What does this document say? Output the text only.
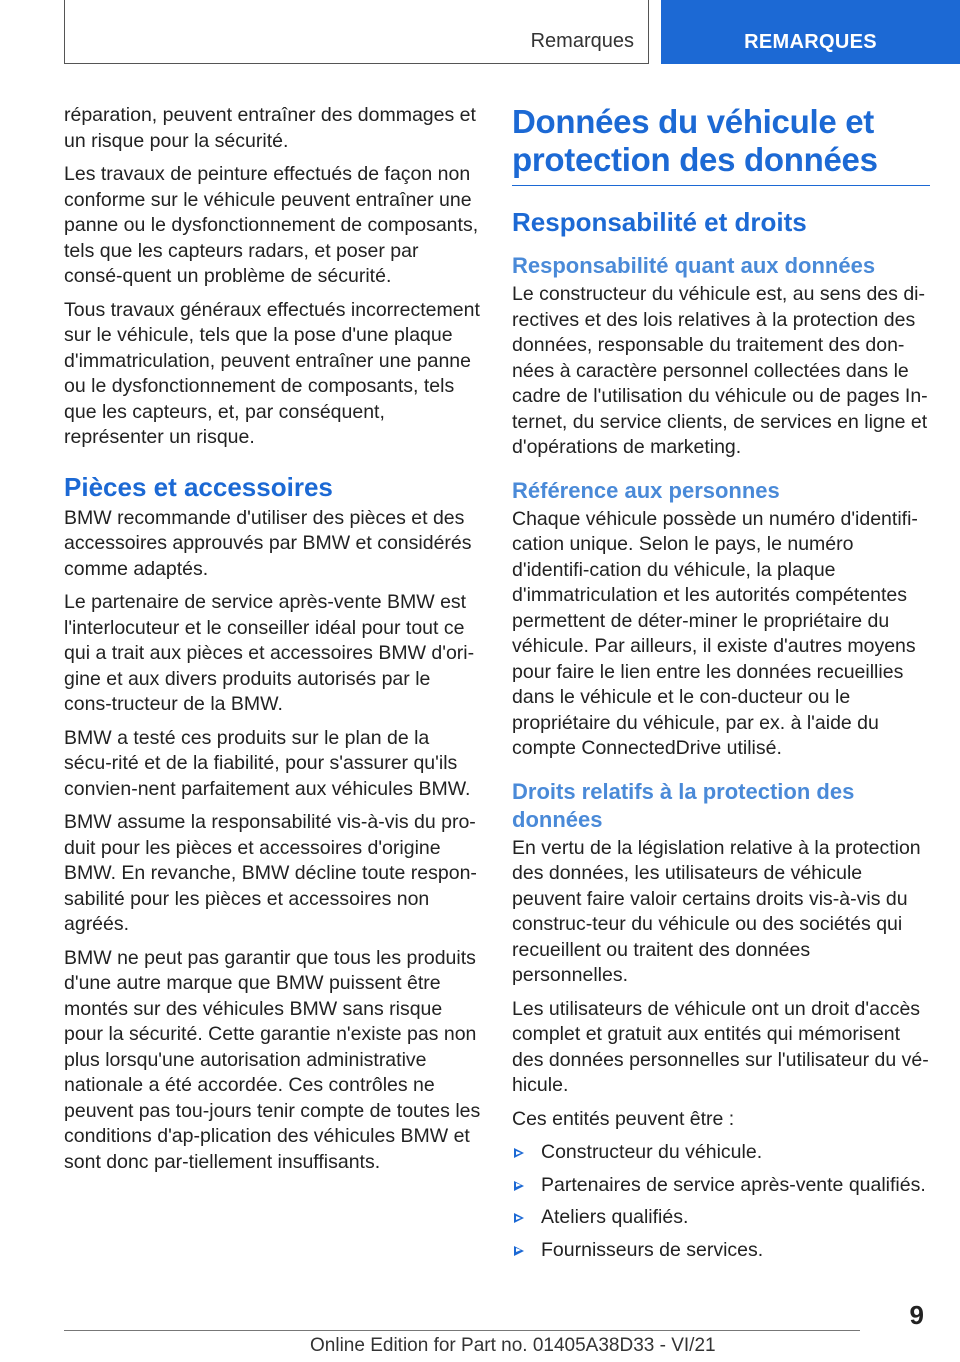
Remarques	REMARQUES

réparation, peuvent entraîner des dommages et un risque pour la sécurité.

Les travaux de peinture effectués de façon non conforme sur le véhicule peuvent entraîner une panne ou le dysfonctionnement de composants, tels que les capteurs radars, et poser par consé-quent un problème de sécurité.

Tous travaux généraux effectués incorrectement sur le véhicule, tels que la pose d'une plaque d'immatriculation, peuvent entraîner une panne ou le dysfonctionnement de composants, tels que les capteurs, et, par conséquent, représenter un risque.

Pièces et accessoires

BMW recommande d'utiliser des pièces et des accessoires approuvés par BMW et considérés comme adaptés.

Le partenaire de service après-vente BMW est l'interlocuteur et le conseiller idéal pour tout ce qui a trait aux pièces et accessoires BMW d'ori-gine et aux divers produits autorisés par le cons-tructeur de la BMW.

BMW a testé ces produits sur le plan de la sécu-rité et de la fiabilité, pour s'assurer qu'ils convien-nent parfaitement aux véhicules BMW.

BMW assume la responsabilité vis-à-vis du pro-duit pour les pièces et accessoires d'origine BMW. En revanche, BMW décline toute respon-sabilité pour les pièces et accessoires non agréés.

BMW ne peut pas garantir que tous les produits d'une autre marque que BMW puissent être montés sur des véhicules BMW sans risque pour la sécurité. Cette garantie n'existe pas non plus lorsqu'une autorisation administrative nationale a été accordée. Ces contrôles ne peuvent pas tou-jours tenir compte de toutes les conditions d'ap-plication des véhicules BMW et sont donc par-tiellement insuffisants.

Données du véhicule et protection des données
Responsabilité et droits
Responsabilité quant aux données

Le constructeur du véhicule est, au sens des di-rectives et des lois relatives à la protection des données, responsable du traitement des don-nées à caractère personnel collectées dans le cadre de l'utilisation du véhicule ou de pages In-ternet, du service clients, de services en ligne et d'opérations de marketing.

Référence aux personnes

Chaque véhicule possède un numéro d'identifi-cation unique. Selon le pays, le numéro d'identifi-cation du véhicule, la plaque d'immatriculation et les autorités compétentes permettent de déter-miner le propriétaire du véhicule. Par ailleurs, il existe d'autres moyens pour faire le lien entre les données recueillies dans le véhicule et le con-ducteur ou le propriétaire du véhicule, par ex. à l'aide du compte ConnectedDrive utilisé.

Droits relatifs à la protection des données

En vertu de la législation relative à la protection des données, les utilisateurs de véhicule peuvent faire valoir certains droits vis-à-vis du construc-teur du véhicule ou des sociétés qui recueillent ou traitent des données personnelles.

Les utilisateurs de véhicule ont un droit d'accès complet et gratuit aux entités qui mémorisent des données personnelles sur l'utilisateur du vé-hicule.

Ces entités peuvent être :

Constructeur du véhicule.
Partenaires de service après-vente qualifiés.
Ateliers qualifiés.
Fournisseurs de services.
9
Online Edition for Part no. 01405A38D33 - VI/21
